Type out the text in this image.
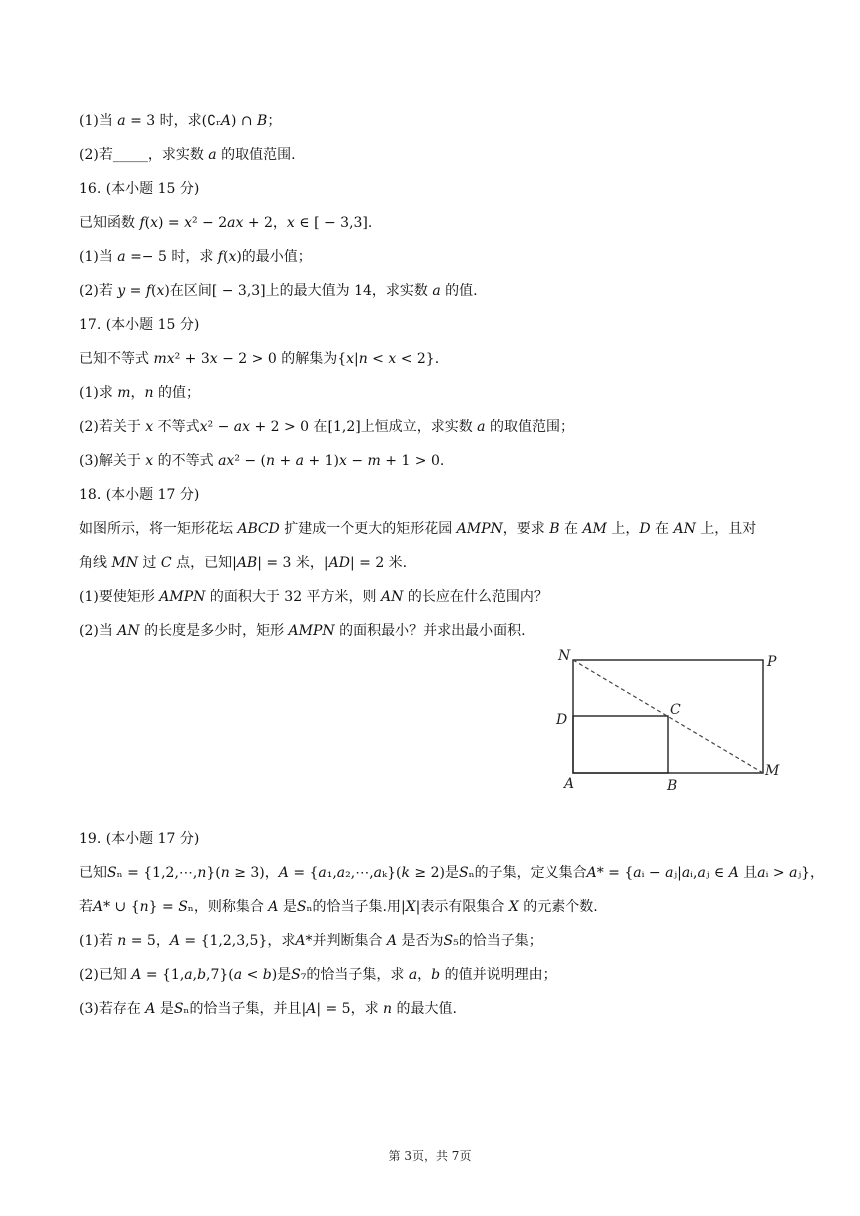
(1)当 𝑎 = 3 时，求(∁ᵣ𝐴) ∩ 𝐵；
(2)若_____，求实数 𝑎 的取值范围.
16. (本小题 15 分)
已知函数 𝑓(𝑥) = 𝑥² − 2𝑎𝑥 + 2，𝑥 ∈ [ − 3,3].
(1)当 𝑎 =− 5 时，求 𝑓(𝑥)的最小值；
(2)若 𝑦 = 𝑓(𝑥)在区间[ − 3,3]上的最大值为 14，求实数 𝑎 的值.
17. (本小题 15 分)
已知不等式 𝑚𝑥² + 3𝑥 − 2 > 0 的解集为{𝑥|𝑛 < 𝑥 < 2}.
(1)求 𝑚，𝑛 的值；
(2)若关于 𝑥 不等式𝑥² − 𝑎𝑥 + 2 > 0 在[1,2]上恒成立，求实数 𝑎 的取值范围；
(3)解关于 𝑥 的不等式 𝑎𝑥² − (𝑛 + 𝑎 + 1)𝑥 − 𝑚 + 1 > 0.
18. (本小题 17 分)
如图所示，将一矩形花坛 𝐴𝐵𝐶𝐷 扩建成一个更大的矩形花园 𝐴𝑀𝑃𝑁，要求 𝐵 在 𝐴𝑀 上，𝐷 在 𝐴𝑁 上，且对
角线 𝑀𝑁 过 𝐶 点，已知|𝐴𝐵| = 3 米，|𝐴𝐷| = 2 米.
(1)要使矩形 𝐴𝑀𝑃𝑁 的面积大于 32 平方米，则 𝐴𝑁 的长应在什么范围内？
(2)当 𝐴𝑁 的长度是多少时，矩形 𝐴𝑀𝑃𝑁 的面积最小？并求出最小面积.
N	P
C
D
A	B
M
19. (本小题 17 分)
已知𝑆ₙ = {1,2,⋯,𝑛}(𝑛 ≥ 3)，𝐴 = {𝑎₁,𝑎₂,⋯,𝑎ₖ}(𝑘 ≥ 2)是𝑆ₙ的子集，定义集合𝐴* = {𝑎ᵢ − 𝑎ⱼ|𝑎ᵢ,𝑎ⱼ ∈ 𝐴 且𝑎ᵢ > 𝑎ⱼ}，
若𝐴* ∪ {𝑛} = 𝑆ₙ，则称集合 𝐴 是𝑆ₙ的恰当子集.用|𝑋|表示有限集合 𝑋 的元素个数.
(1)若 𝑛 = 5，𝐴 = {1,2,3,5}，求𝐴*并判断集合 𝐴 是否为𝑆₅的恰当子集；
(2)已知 𝐴 = {1,𝑎,𝑏,7}(𝑎 < 𝑏)是𝑆₇的恰当子集，求 𝑎，𝑏 的值并说明理由；
(3)若存在 𝐴 是𝑆ₙ的恰当子集，并且|𝐴| = 5，求 𝑛 的最大值.
第 3页，共 7页
